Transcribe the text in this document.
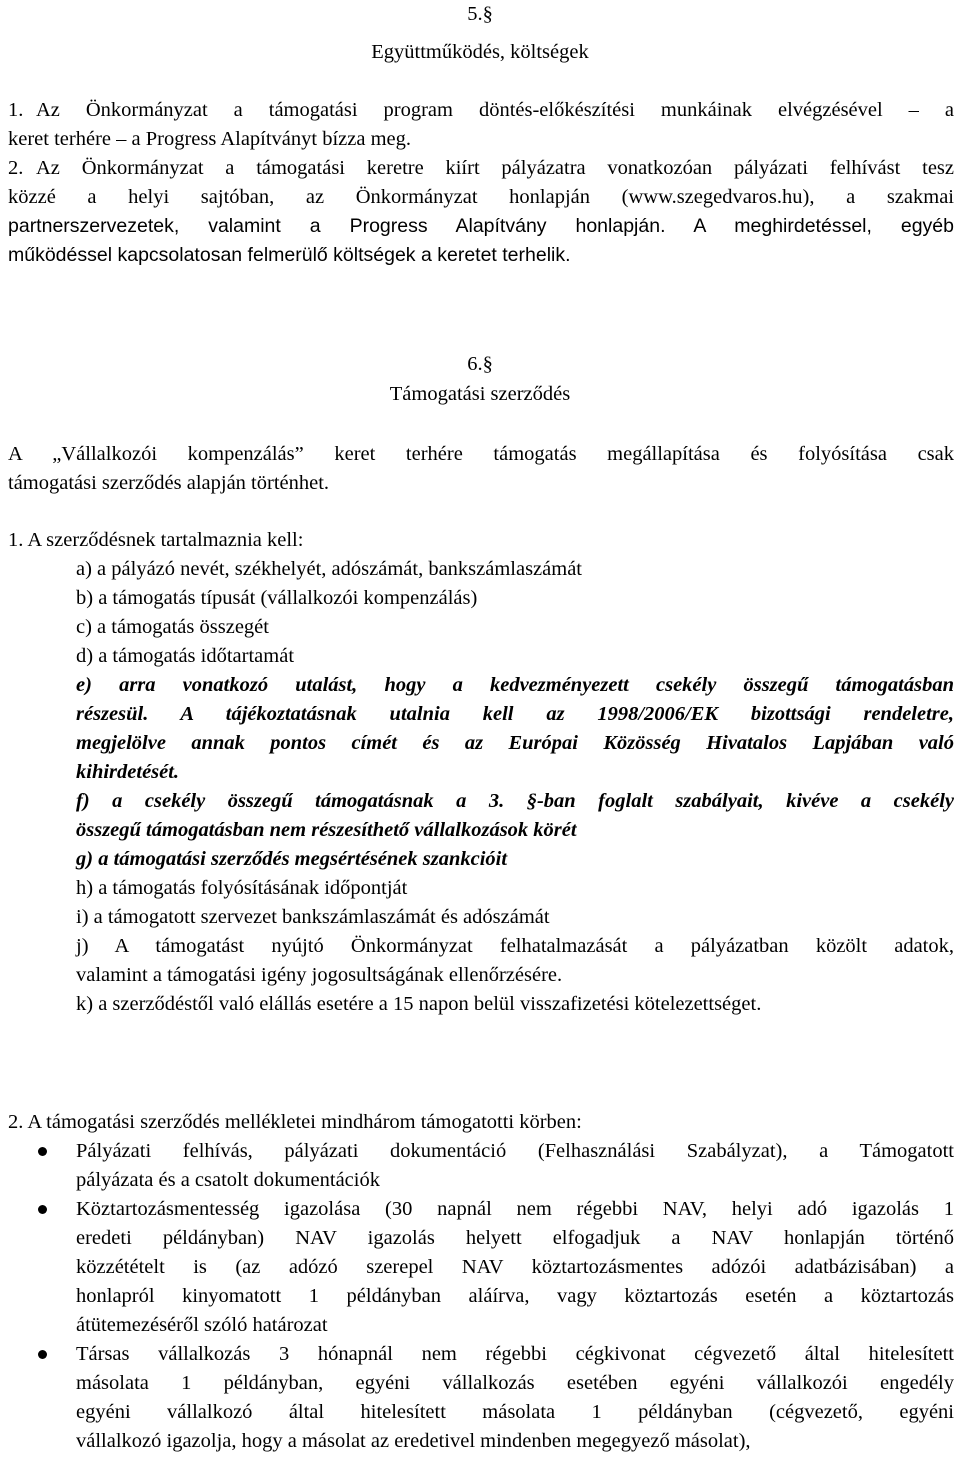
5.§
Együttműködés, költségek
1. Az Önkormányzat a támogatási program döntés-előkészítési munkáinak elvégzésével – a

keret terhére – a Progress Alapítványt bízza meg.

2. Az Önkormányzat a támogatási keretre kiírt pályázatra vonatkozóan pályázati felhívást tesz

közzé a helyi sajtóban, az Önkormányzat honlapján (www.szegedvaros.hu), a szakmai

partnerszervezetek, valamint a Progress Alapítvány honlapján. A meghirdetéssel, egyéb

működéssel kapcsolatosan felmerülő költségek a keretet terhelik.

6.§
Támogatási szerződés

A „Vállalkozói kompenzálás” keret terhére támogatás megállapítása és folyósítása csak

támogatási szerződés alapján történhet.

1. A szerződésnek tartalmaznia kell:

a) a pályázó nevét, székhelyét, adószámát, bankszámlaszámát

b) a támogatás típusát (vállalkozói kompenzálás)

c) a támogatás összegét

d) a támogatás időtartamát

e) arra vonatkozó utalást, hogy a kedvezményezett csekély összegű támogatásban

részesül. A tájékoztatásnak utalnia kell az 1998/2006/EK bizottsági rendeletre,

megjelölve annak pontos címét és az Európai Közösség Hivatalos Lapjában való

kihirdetését.

f) a csekély összegű támogatásnak a 3. §-ban foglalt szabályait, kivéve a csekély

összegű támogatásban nem részesíthető vállalkozások körét

g) a támogatási szerződés megsértésének szankcióit

h) a támogatás folyósításának időpontját

i) a támogatott szervezet bankszámlaszámát és adószámát

j) A támogatást nyújtó Önkormányzat felhatalmazását a pályázatban közölt adatok,

valamint a támogatási igény jogosultságának ellenőrzésére.

k) a szerződéstől való elállás esetére a 15 napon belül visszafizetési kötelezettséget.

2. A támogatási szerződés mellékletei mindhárom támogatotti körben:

Pályázati felhívás, pályázati dokumentáció (Felhasználási Szabályzat), a Támogatott

pályázata és a csatolt dokumentációk

Köztartozásmentesség igazolása (30 napnál nem régebbi NAV, helyi adó igazolás 1

eredeti példányban) NAV igazolás helyett elfogadjuk a NAV honlapján történő

közzétételt is (az adózó szerepel NAV köztartozásmentes adózói adatbázisában) a

honlapról kinyomatott 1 példányban aláírva, vagy köztartozás esetén a köztartozás

átütemezéséről szóló határozat

Társas vállalkozás 3 hónapnál nem régebbi cégkivonat cégvezető által hitelesített

másolata 1 példányban, egyéni vállalkozás esetében egyéni vállalkozói engedély

egyéni vállalkozó által hitelesített másolata 1 példányban (cégvezető, egyéni

vállalkozó igazolja, hogy a másolat az eredetivel mindenben megegyező másolat),
